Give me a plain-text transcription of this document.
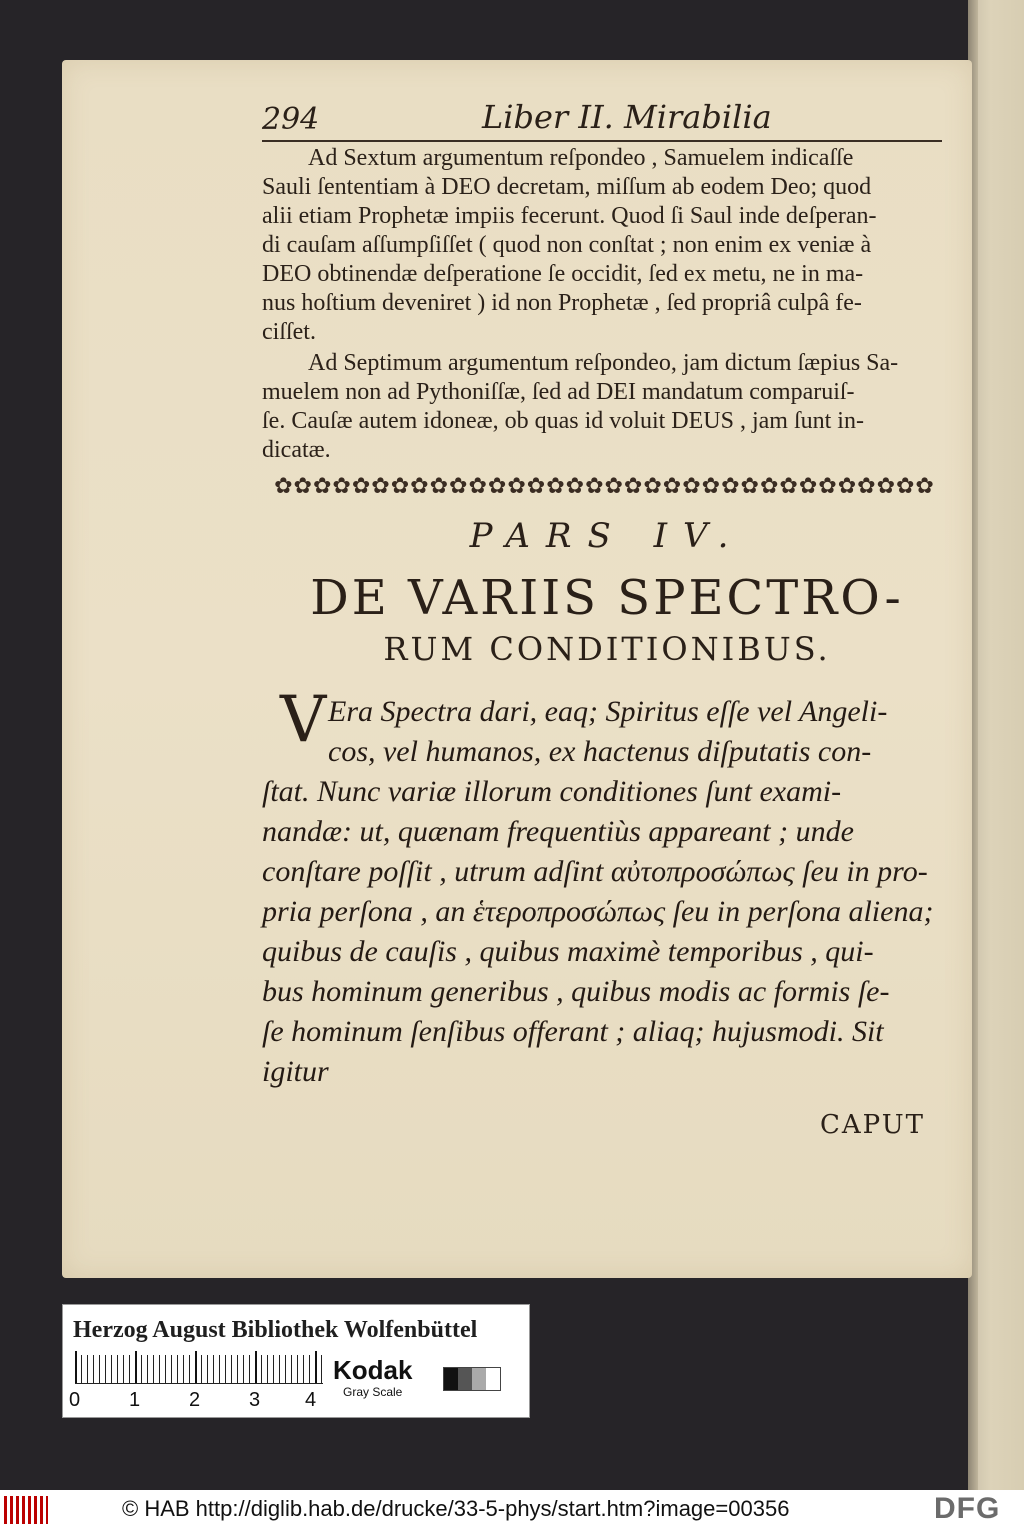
294	Liber II. Mirabilia

Ad Sextum argumentum reſpondeo , Samuelem indicaſſe

Sauli ſententiam à DEO decretam, miſſum ab eodem Deo; quod

alii etiam Prophetæ impiis fecerunt. Quod ſi Saul inde deſperan-

di cauſam aſſumpſiſſet ( quod non conſtat ; non enim ex veniæ à

DEO obtinendæ deſperatione ſe occidit, ſed ex metu, ne in ma-

nus hoſtium deveniret ) id non Prophetæ , ſed propriâ culpâ fe-

ciſſet.

Ad Septimum argumentum reſpondeo, jam dictum ſæpius Sa-

muelem non ad Pythoniſſæ, ſed ad DEI mandatum comparuiſ-

ſe. Cauſæ autem idoneæ, ob quas id voluit DEUS , jam ſunt in-

dicatæ.

✿✿✿✿✿✿✿✿✿✿✿✿✿✿✿✿✿✿✿✿✿✿✿✿✿✿✿✿✿✿✿✿✿✿
PARS IV.
DE VARIIS SPECTRO-
RUM CONDITIONIBUS.
V Era Spectra dari, eaq; Spiritus eſſe vel Angeli-

cos, vel humanos, ex hactenus diſputatis con-

ſtat. Nunc variæ illorum conditiones ſunt exami-

nandæ: ut, quænam frequentiùs appareant ; unde

conſtare poſſit , utrum adſint αὐτοπροσώπως ſeu in pro-

pria perſona , an ἑτεροπροσώπως ſeu in perſona aliena;

quibus de cauſis , quibus maximè temporibus , qui-

bus hominum generibus , quibus modis ac formis ſe-

ſe hominum ſenſibus offerant ; aliaq; hujusmodi. Sit

igitur

CAPUT
Herzog August Bibliothek Wolfenbüttel
0 1 2 3 4
Kodak
Gray Scale
© HAB http://diglib.hab.de/drucke/33-5-phys/start.htm?image=00356	DFG
